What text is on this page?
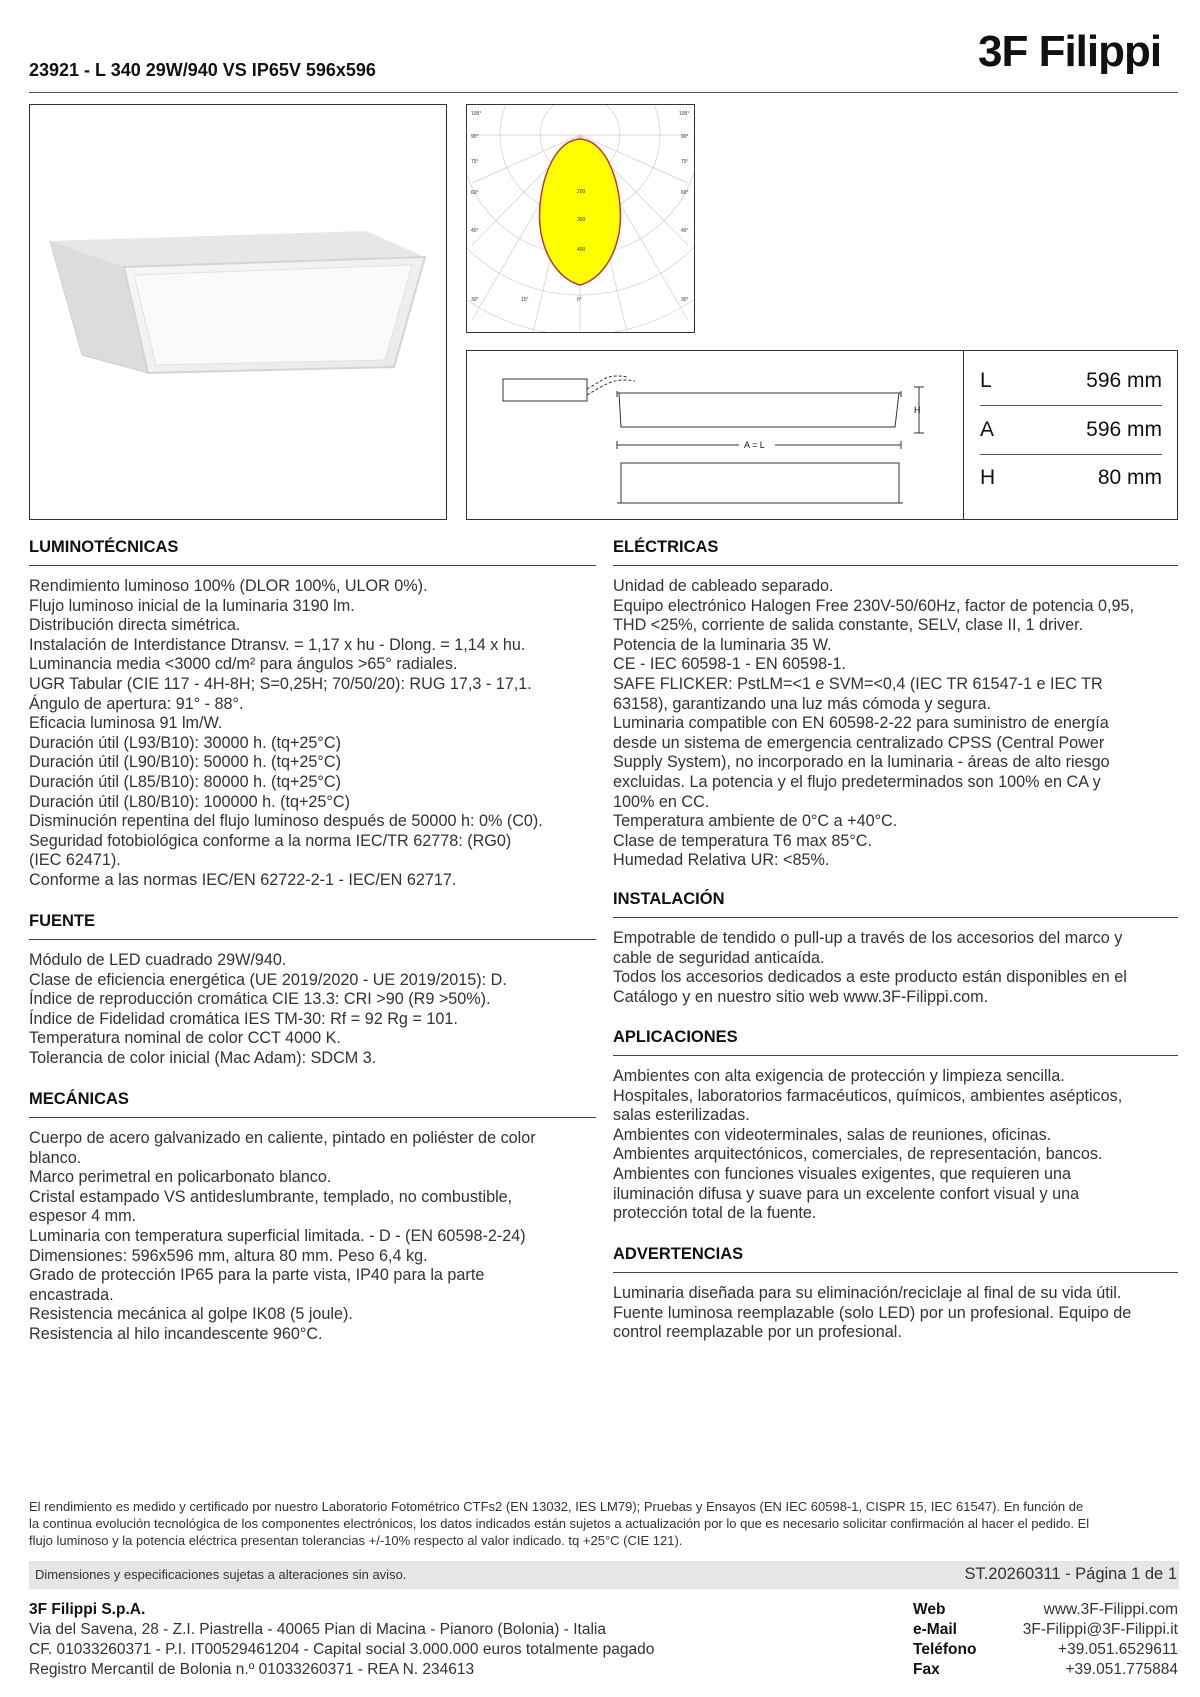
23921 - L 340 29W/940 VS IP65V 596x596	3F Filippi
105°
90°
75°
60°
45°
30°
105°
90°
75°
60°
45°
30°
15°	0°
200
300
400
H
A = L
L	596 mm
A	596 mm
H	80 mm
LUMINOTÉCNICAS
Rendimiento luminoso 100% (DLOR 100%, ULOR 0%).
Flujo luminoso inicial de la luminaria 3190 lm.
Distribución directa simétrica.
Instalación de Interdistance Dtransv. = 1,17 x hu - Dlong. = 1,14 x hu.
Luminancia media <3000 cd/m² para ángulos >65° radiales.
UGR Tabular (CIE 117 - 4H-8H; S=0,25H; 70/50/20): RUG 17,3 - 17,1.
Ángulo de apertura: 91° - 88°.
Eficacia luminosa 91 lm/W.
Duración útil (L93/B10): 30000 h. (tq+25°C)
Duración útil (L90/B10): 50000 h. (tq+25°C)
Duración útil (L85/B10): 80000 h. (tq+25°C)
Duración útil (L80/B10): 100000 h. (tq+25°C)
Disminución repentina del flujo luminoso después de 50000 h: 0% (C0).
Seguridad fotobiológica conforme a la norma IEC/TR 62778: (RG0)
(IEC 62471).
Conforme a las normas IEC/EN 62722-2-1 - IEC/EN 62717.
FUENTE
Módulo de LED cuadrado 29W/940.
Clase de eficiencia energética (UE 2019/2020 - UE 2019/2015): D.
Índice de reproducción cromática CIE 13.3: CRI >90 (R9 >50%).
Índice de Fidelidad cromática IES TM-30: Rf = 92 Rg = 101.
Temperatura nominal de color CCT 4000 K.
Tolerancia de color inicial (Mac Adam): SDCM 3.
MECÁNICAS
Cuerpo de acero galvanizado en caliente, pintado en poliéster de color
blanco.
Marco perimetral en policarbonato blanco.
Cristal estampado VS antideslumbrante, templado, no combustible,
espesor 4 mm.
Luminaria con temperatura superficial limitada. - D - (EN 60598-2-24)
Dimensiones: 596x596 mm, altura 80 mm. Peso 6,4 kg.
Grado de protección IP65 para la parte vista, IP40 para la parte
encastrada.
Resistencia mecánica al golpe IK08 (5 joule).
Resistencia al hilo incandescente 960°C.
ELÉCTRICAS
Unidad de cableado separado.
Equipo electrónico Halogen Free 230V-50/60Hz, factor de potencia 0,95,
THD <25%, corriente de salida constante, SELV, clase II, 1 driver.
Potencia de la luminaria 35 W.
CE - IEC 60598-1 - EN 60598-1.
SAFE FLICKER: PstLM=<1 e SVM=<0,4 (IEC TR 61547-1 e IEC TR
63158), garantizando una luz más cómoda y segura.
Luminaria compatible con EN 60598-2-22 para suministro de energía
desde un sistema de emergencia centralizado CPSS (Central Power
Supply System), no incorporado en la luminaria - áreas de alto riesgo
excluidas. La potencia y el flujo predeterminados son 100% en CA y
100% en CC.
Temperatura ambiente de 0°C a +40°C.
Clase de temperatura T6 max 85°C.
Humedad Relativa UR: <85%.
INSTALACIÓN
Empotrable de tendido o pull-up a través de los accesorios del marco y
cable de seguridad anticaída.
Todos los accesorios dedicados a este producto están disponibles en el
Catálogo y en nuestro sitio web www.3F-Filippi.com.
APLICACIONES
Ambientes con alta exigencia de protección y limpieza sencilla.
Hospitales, laboratorios farmacéuticos, químicos, ambientes asépticos,
salas esterilizadas.
Ambientes con videoterminales, salas de reuniones, oficinas.
Ambientes arquitectónicos, comerciales, de representación, bancos.
Ambientes con funciones visuales exigentes, que requieren una
iluminación difusa y suave para un excelente confort visual y una
protección total de la fuente.
ADVERTENCIAS
Luminaria diseñada para su eliminación/reciclaje al final de su vida útil.
Fuente luminosa reemplazable (solo LED) por un profesional. Equipo de
control reemplazable por un profesional.
El rendimiento es medido y certificado por nuestro Laboratorio Fotométrico CTFs2 (EN 13032, IES LM79); Pruebas y Ensayos (EN IEC 60598-1, CISPR 15, IEC 61547). En función de
la continua evolución tecnológica de los componentes electrónicos, los datos indicados están sujetos a actualización por lo que es necesario solicitar confirmación al hacer el pedido. El
flujo luminoso y la potencia eléctrica presentan tolerancias +/-10% respecto al valor indicado. tq +25°C (CIE 121).
Dimensiones y especificaciones sujetas a alteraciones sin aviso.	ST.20260311 - Página 1 de 1
3F Filippi S.p.A.
Via del Savena, 28 - Z.I. Piastrella - 40065 Pian di Macina - Pianoro (Bolonia) - Italia
CF. 01033260371 - P.I. IT00529461204 - Capital social 3.000.000 euros totalmente pagado
Registro Mercantil de Bolonia n.º 01033260371 - REA N. 234613
Web	www.3F-Filippi.com
e-Mail	3F-Filippi@3F-Filippi.it
Teléfono	+39.051.6529611
Fax	+39.051.775884
